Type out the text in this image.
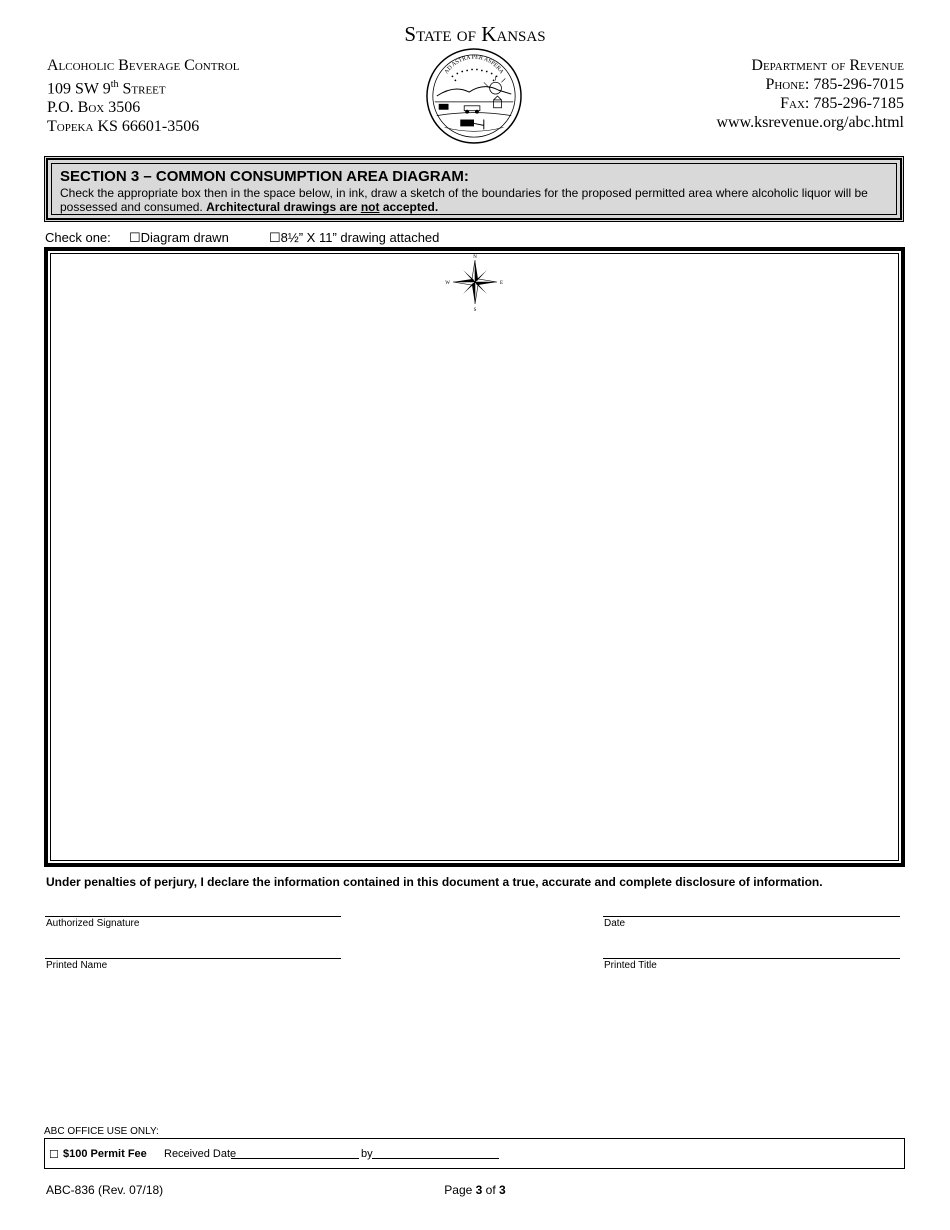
State of Kansas
Alcoholic Beverage Control
109 SW 9th Street
P.O. Box 3506
Topeka KS 66601-3506
Department of Revenue
Phone: 785-296-7015
Fax: 785-296-7185
www.ksrevenue.org/abc.html
AD ASTRA PER ASPERA
SECTION 3 – COMMON CONSUMPTION AREA DIAGRAM:
Check the appropriate box then in the space below, in ink, draw a sketch of the boundaries for the proposed permitted area where alcoholic liquor will be possessed and consumed. Architectural drawings are not accepted.
Check one: ☐Diagram drawn	☐8½” X 11” drawing attached
N
S
E
W
Under penalties of perjury, I declare the information contained in this document a true, accurate and complete disclosure of information.
Authorized Signature	Date
Printed Name	Printed Title
ABC OFFICE USE ONLY:
☐ $100 Permit Fee Received Date	by
ABC-836 (Rev. 07/18)	Page 3 of 3
